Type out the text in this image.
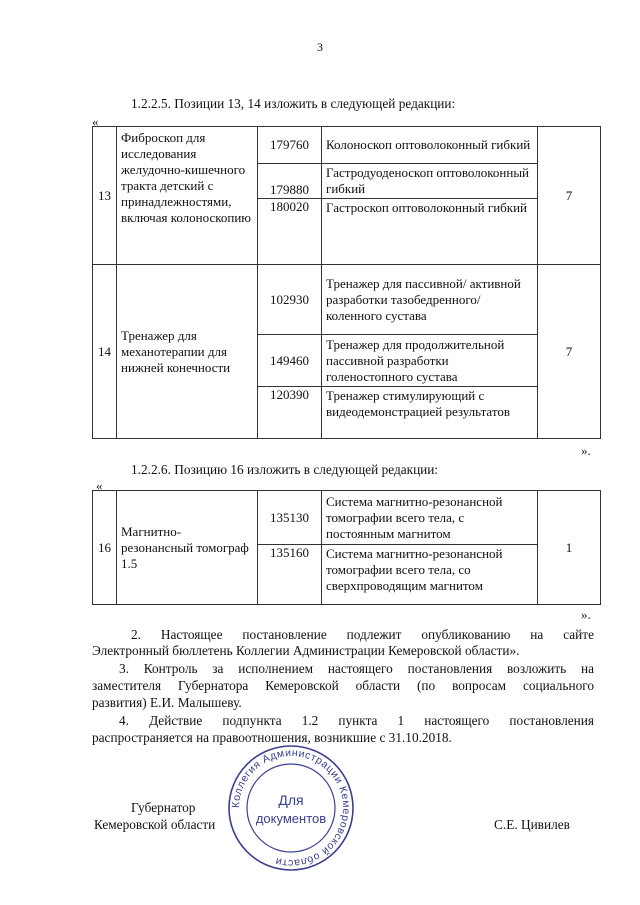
3
1.2.2.5. Позиции 13, 14 изложить в следующей редакции:
«
13	Фиброскоп для исследования желудочно-кишечного тракта детский с принадлежностями, включая колоноскопию	179760	Колоноскоп оптоволоконный гибкий	7
		179880	Гастродуоденоскоп оптоволоконный гибкий	
		180020	Гастроскоп оптоволоконный гибкий	
14	Тренажер для механотерапии для нижней конечности	102930	Тренажер для пассивной/ активной разработки тазобедренного/коленного сустава	7
		149460	Тренажер для продолжительной пассивной разработки голеностопного сустава	
		120390	Тренажер стимулирующий с видеодемонстрацией результатов	
».
1.2.2.6. Позицию 16 изложить в следующей редакции:
«
16	Магнитно-резонансный томограф 1.5	135130	Система магнитно-резонансной томографии всего тела, с постоянным магнитом	1
		135160	Система магнитно-резонансной томографии всего тела, со сверхпроводящим магнитом	
».
2. Настоящее постановление подлежит опубликованию на сайте
Электронный бюллетень Коллегии Администрации Кемеровской области».
3. Контроль за исполнением настоящего постановления возложить на
заместителя Губернатора Кемеровской области (по вопросам социального
развития) Е.И. Малышеву.
4. Действие подпункта 1.2 пункта 1 настоящего постановления
распространяется на правоотношения, возникшие с 31.10.2018.
Губернатор
Кемеровской области	С.Е. Цивилев
Коллегия Администрации Кемеровской области
Для
документов
